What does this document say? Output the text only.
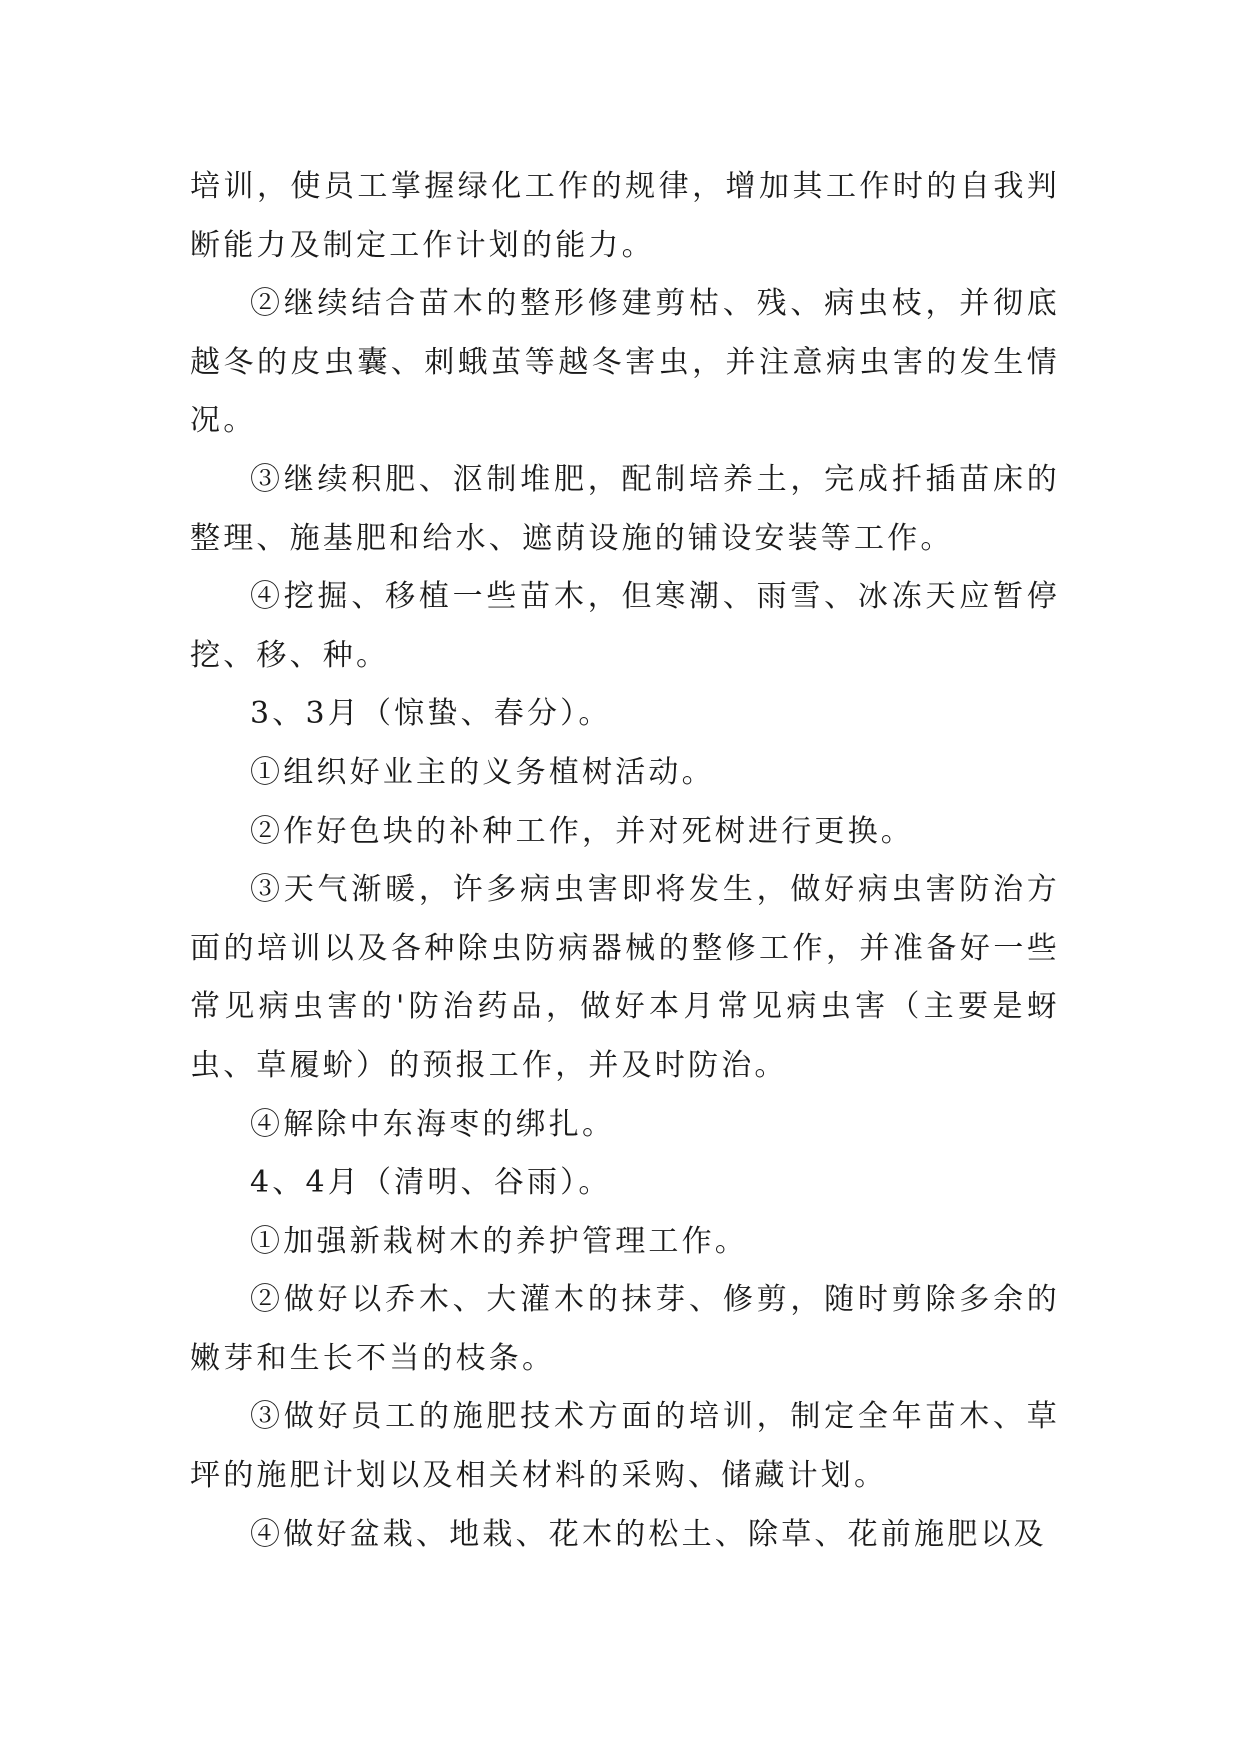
培训，使员工掌握绿化工作的规律，增加其工作时的自我判断能力及制定工作计划的能力。

②继续结合苗木的整形修建剪枯、残、病虫枝，并彻底越冬的皮虫囊、刺蛾茧等越冬害虫，并注意病虫害的发生情况。

③继续积肥、沤制堆肥，配制培养土，完成扦插苗床的整理、施基肥和给水、遮荫设施的铺设安装等工作。

④挖掘、移植一些苗木，但寒潮、雨雪、冰冻天应暂停挖、移、种。

3、3月（惊蛰、春分）。

①组织好业主的义务植树活动。

②作好色块的补种工作，并对死树进行更换。

③天气渐暖，许多病虫害即将发生，做好病虫害防治方面的培训以及各种除虫防病器械的整修工作，并准备好一些常见病虫害的'防治药品，做好本月常见病虫害（主要是蚜虫、草履蚧）的预报工作，并及时防治。

④解除中东海枣的绑扎。

4、4月（清明、谷雨）。

①加强新栽树木的养护管理工作。

②做好以乔木、大灌木的抹芽、修剪，随时剪除多余的嫩芽和生长不当的枝条。

③做好员工的施肥技术方面的培训，制定全年苗木、草坪的施肥计划以及相关材料的采购、储藏计划。

④做好盆栽、地栽、花木的松土、除草、花前施肥以及
